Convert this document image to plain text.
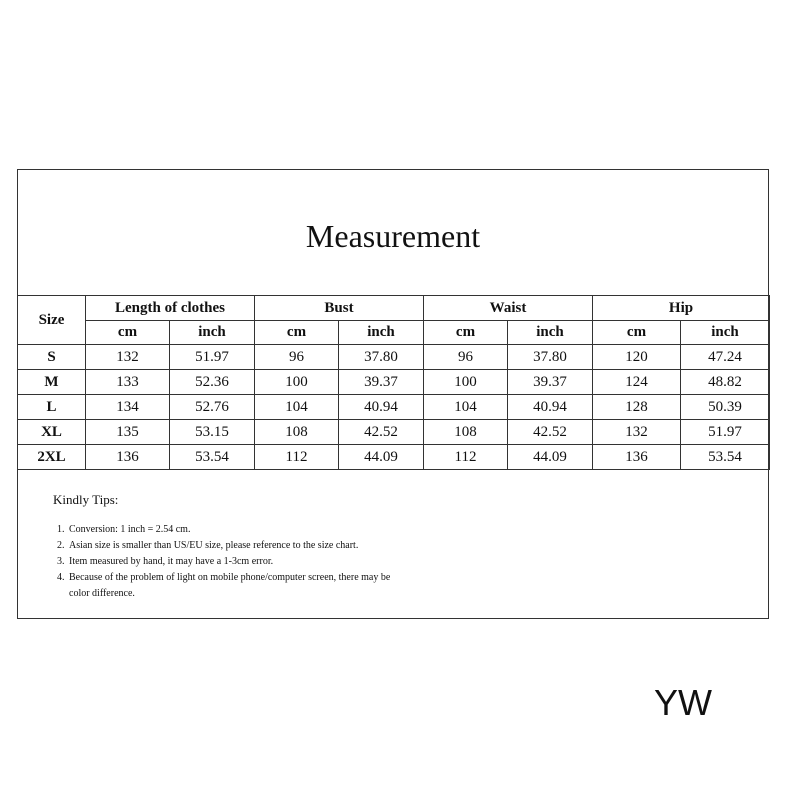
Measurement
Size	Length of clothes		Bust		Waist		Hip	
	cm	inch	cm	inch	cm	inch	cm	inch
S	132	51.97	96	37.80	96	37.80	120	47.24
M	133	52.36	100	39.37	100	39.37	124	48.82
L	134	52.76	104	40.94	104	40.94	128	50.39
XL	135	53.15	108	42.52	108	42.52	132	51.97
2XL	136	53.54	112	44.09	112	44.09	136	53.54
Kindly Tips:
1. Conversion: 1 inch = 2.54 cm.
2. Asian size is smaller than US/EU size, please reference to the size chart.
3. Item measured by hand, it may have a 1-3cm error.
4. Because of the problem of light on mobile phone/computer screen, there may be color difference.
YW
